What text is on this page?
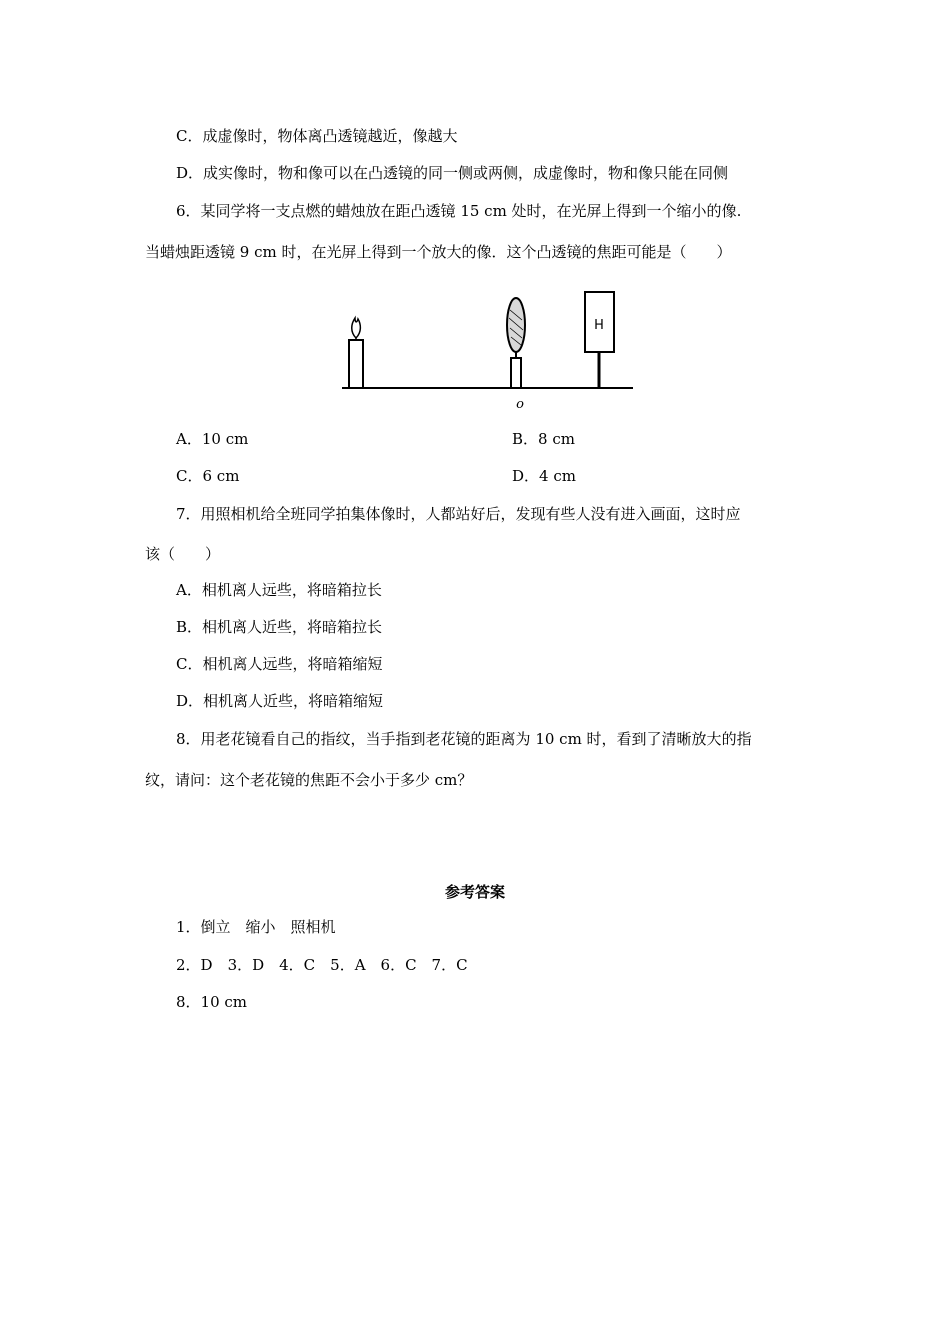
C．成虚像时，物体离凸透镜越近，像越大
D．成实像时，物和像可以在凸透镜的同一侧或两侧，成虚像时，物和像只能在同侧
6．某同学将一支点燃的蜡烛放在距凸透镜 15 cm 处时，在光屏上得到一个缩小的像.
当蜡烛距透镜 9 cm 时，在光屏上得到一个放大的像．这个凸透镜的焦距可能是（　　）
H
o
A．10 cm	B．8 cm
C．6 cm	D．4 cm
7．用照相机给全班同学拍集体像时，人都站好后，发现有些人没有进入画面，这时应
该（　　）
A．相机离人远些，将暗箱拉长
B．相机离人近些，将暗箱拉长
C．相机离人远些，将暗箱缩短
D．相机离人近些，将暗箱缩短
8．用老花镜看自己的指纹，当手指到老花镜的距离为 10 cm 时，看到了清晰放大的指
纹，请问：这个老花镜的焦距不会小于多少 cm？
参考答案
1．倒立　缩小　照相机
2．D　3．D　4．C　5．A　6．C　7．C
8．10 cm
